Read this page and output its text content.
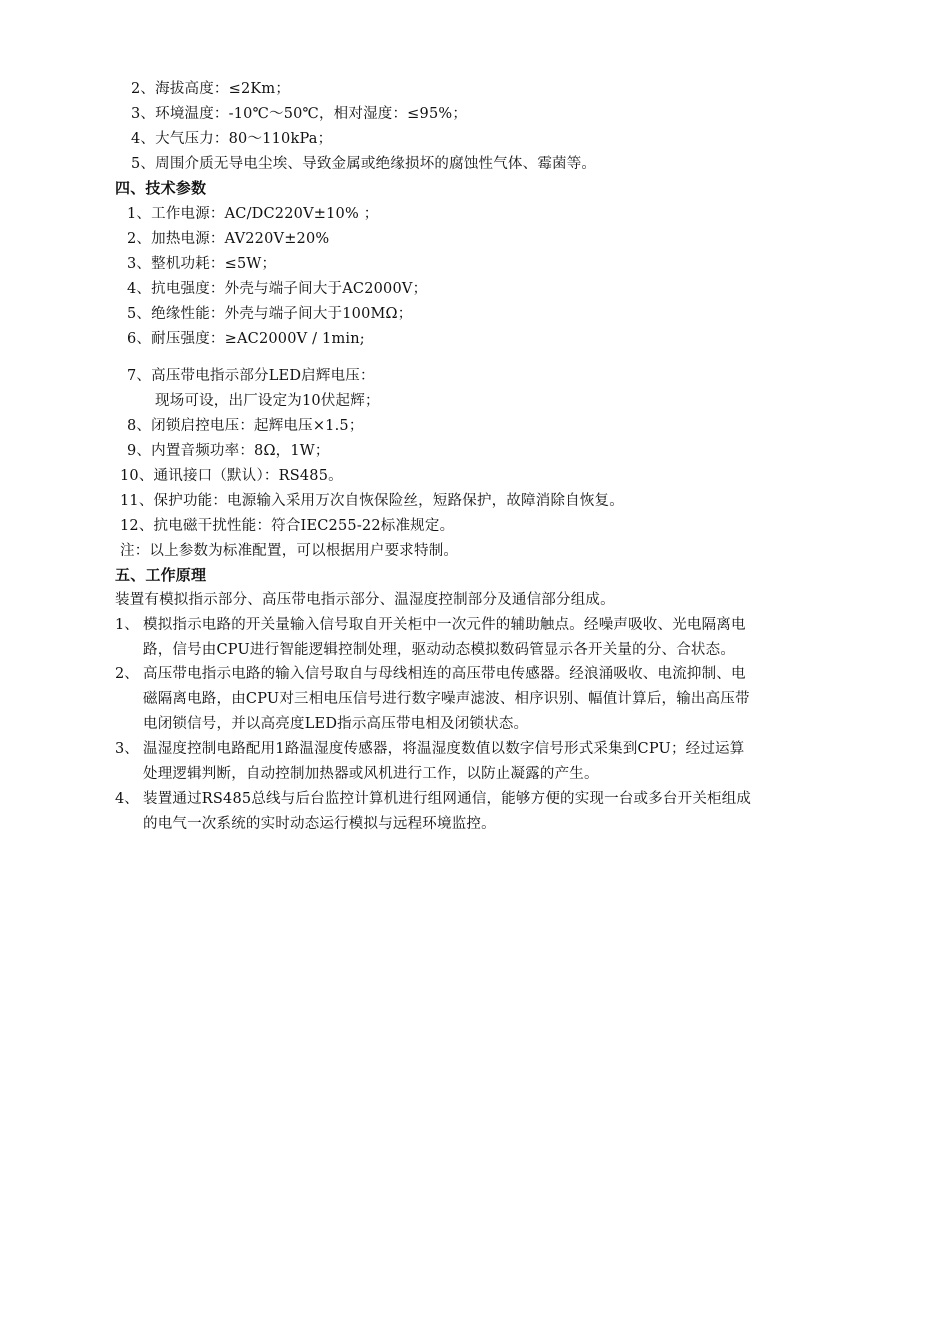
2、海拔高度：≤2Km；
3、环境温度：-10℃～50℃，相对湿度：≤95%；
4、大气压力：80～110kPa；
5、周围介质无导电尘埃、导致金属或绝缘损坏的腐蚀性气体、霉菌等。
四、技术参数
1、工作电源：AC/DC220V±10% ；
2、加热电源：AV220V±20%
3、整机功耗：≤5W；
4、抗电强度：外壳与端子间大于AC2000V；
5、绝缘性能：外壳与端子间大于100MΩ；
6、耐压强度：≥AC2000V / 1min;
7、高压带电指示部分LED启辉电压：
现场可设，出厂设定为10伏起辉；
8、闭锁启控电压：起辉电压×1.5；
9、内置音频功率：8Ω，1W；
10、通讯接口（默认）：RS485。
11、保护功能：电源输入采用万次自恢保险丝，短路保护，故障消除自恢复。
12、抗电磁干扰性能：符合IEC255-22标准规定。
注：以上参数为标准配置，可以根据用户要求特制。
五、工作原理
装置有模拟指示部分、高压带电指示部分、温湿度控制部分及通信部分组成。
1、 模拟指示电路的开关量输入信号取自开关柜中一次元件的辅助触点。经噪声吸收、光电隔离电
路，信号由CPU进行智能逻辑控制处理，驱动动态模拟数码管显示各开关量的分、合状态。
2、 高压带电指示电路的输入信号取自与母线相连的高压带电传感器。经浪涌吸收、电流抑制、电
磁隔离电路，由CPU对三相电压信号进行数字噪声滤波、相序识别、幅值计算后，输出高压带
电闭锁信号，并以高亮度LED指示高压带电相及闭锁状态。
3、 温湿度控制电路配用1路温湿度传感器，将温湿度数值以数字信号形式采集到CPU；经过运算
处理逻辑判断，自动控制加热器或风机进行工作，以防止凝露的产生。
4、 装置通过RS485总线与后台监控计算机进行组网通信，能够方便的实现一台或多台开关柜组成
的电气一次系统的实时动态运行模拟与远程环境监控。
